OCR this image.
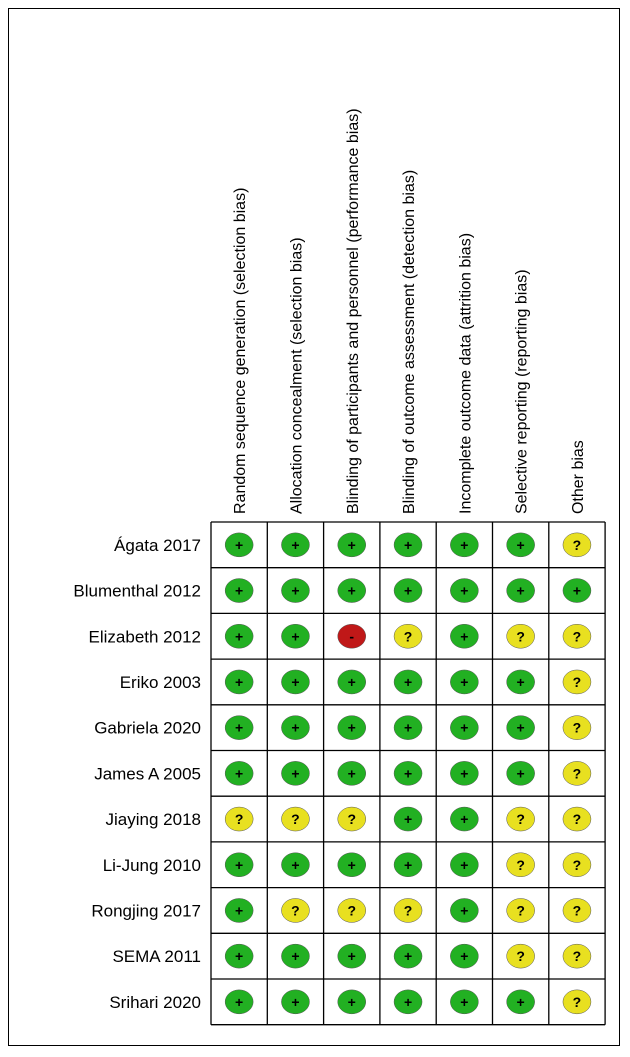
Random sequence generation (selection bias) Allocation concealment (selection bias) Blinding of participants and personnel (performance bias) Blinding of outcome assessment (detection bias) Incomplete outcome data (attrition bias) Selective reporting (reporting bias) Other bias
Ágata 2017 +	+	+	+	+	+	?
Blumenthal 2012 +	+	+	+	+	+	+
Elizabeth 2012 +	+	-	?	+	?	?
Eriko 2003 +	+	+	+	+	+	?
Gabriela 2020 +	+	+	+	+	+	?
James A 2005 +	+	+	+	+	+	?
Jiaying 2018 ?	?	?	+	+	?	?
Li-Jung 2010 +	+	+	+	+	?	?
Rongjing 2017 +	?	?	?	+	?	?
SEMA 2011 +	+	+	+	+	?	?
Srihari 2020 +	+	+	+	+	+	?
